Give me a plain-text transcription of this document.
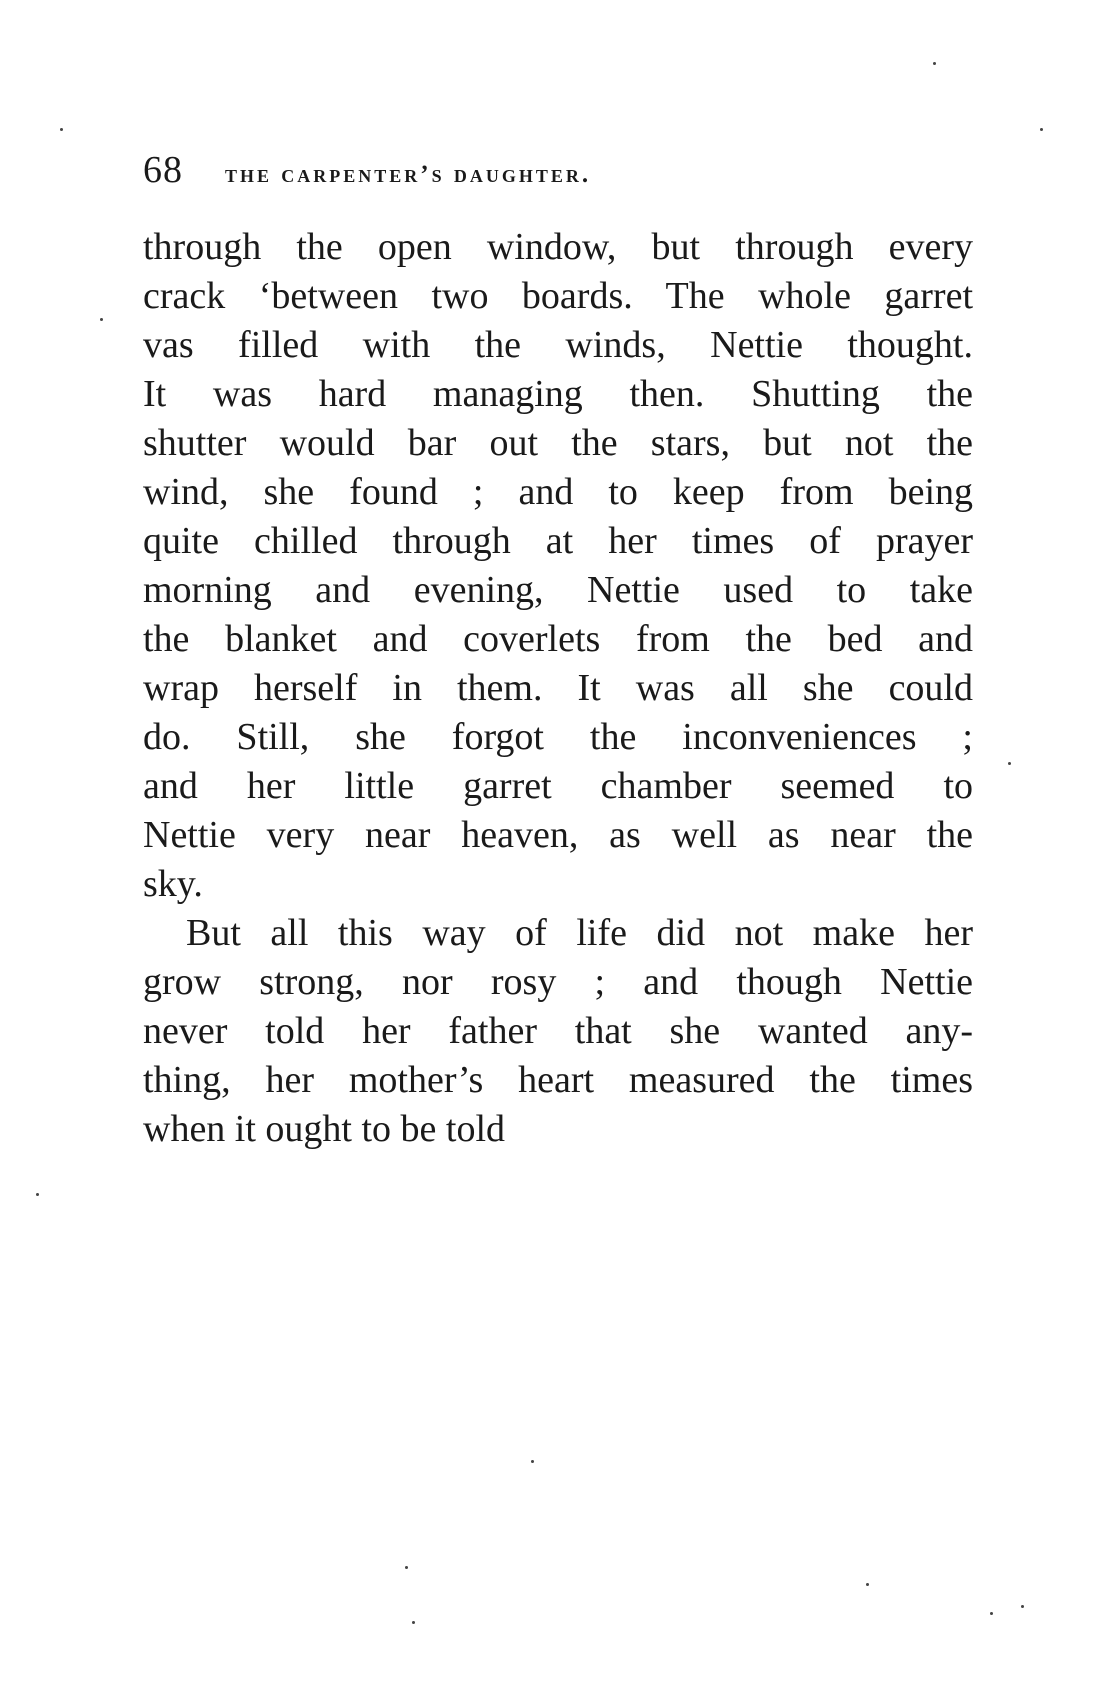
68 the carpenter’s daughter.
through the open window, but through every
crack ‘between two boards. The whole garret
vas filled with the winds, Nettie thought.
It was hard managing then. Shutting the
shutter would bar out the stars, but not the
wind, she found ; and to keep from being
quite chilled through at her times of prayer
morning and evening, Nettie used to take
the blanket and coverlets from the bed and
wrap herself in them. It was all she could
do. Still, she forgot the inconveniences ;
and her little garret chamber seemed to
Nettie very near heaven, as well as near the
sky.
But all this way of life did not make her
grow strong, nor rosy ; and though Nettie
never told her father that she wanted any-
thing, her mother’s heart measured the times
when it ought to be told
